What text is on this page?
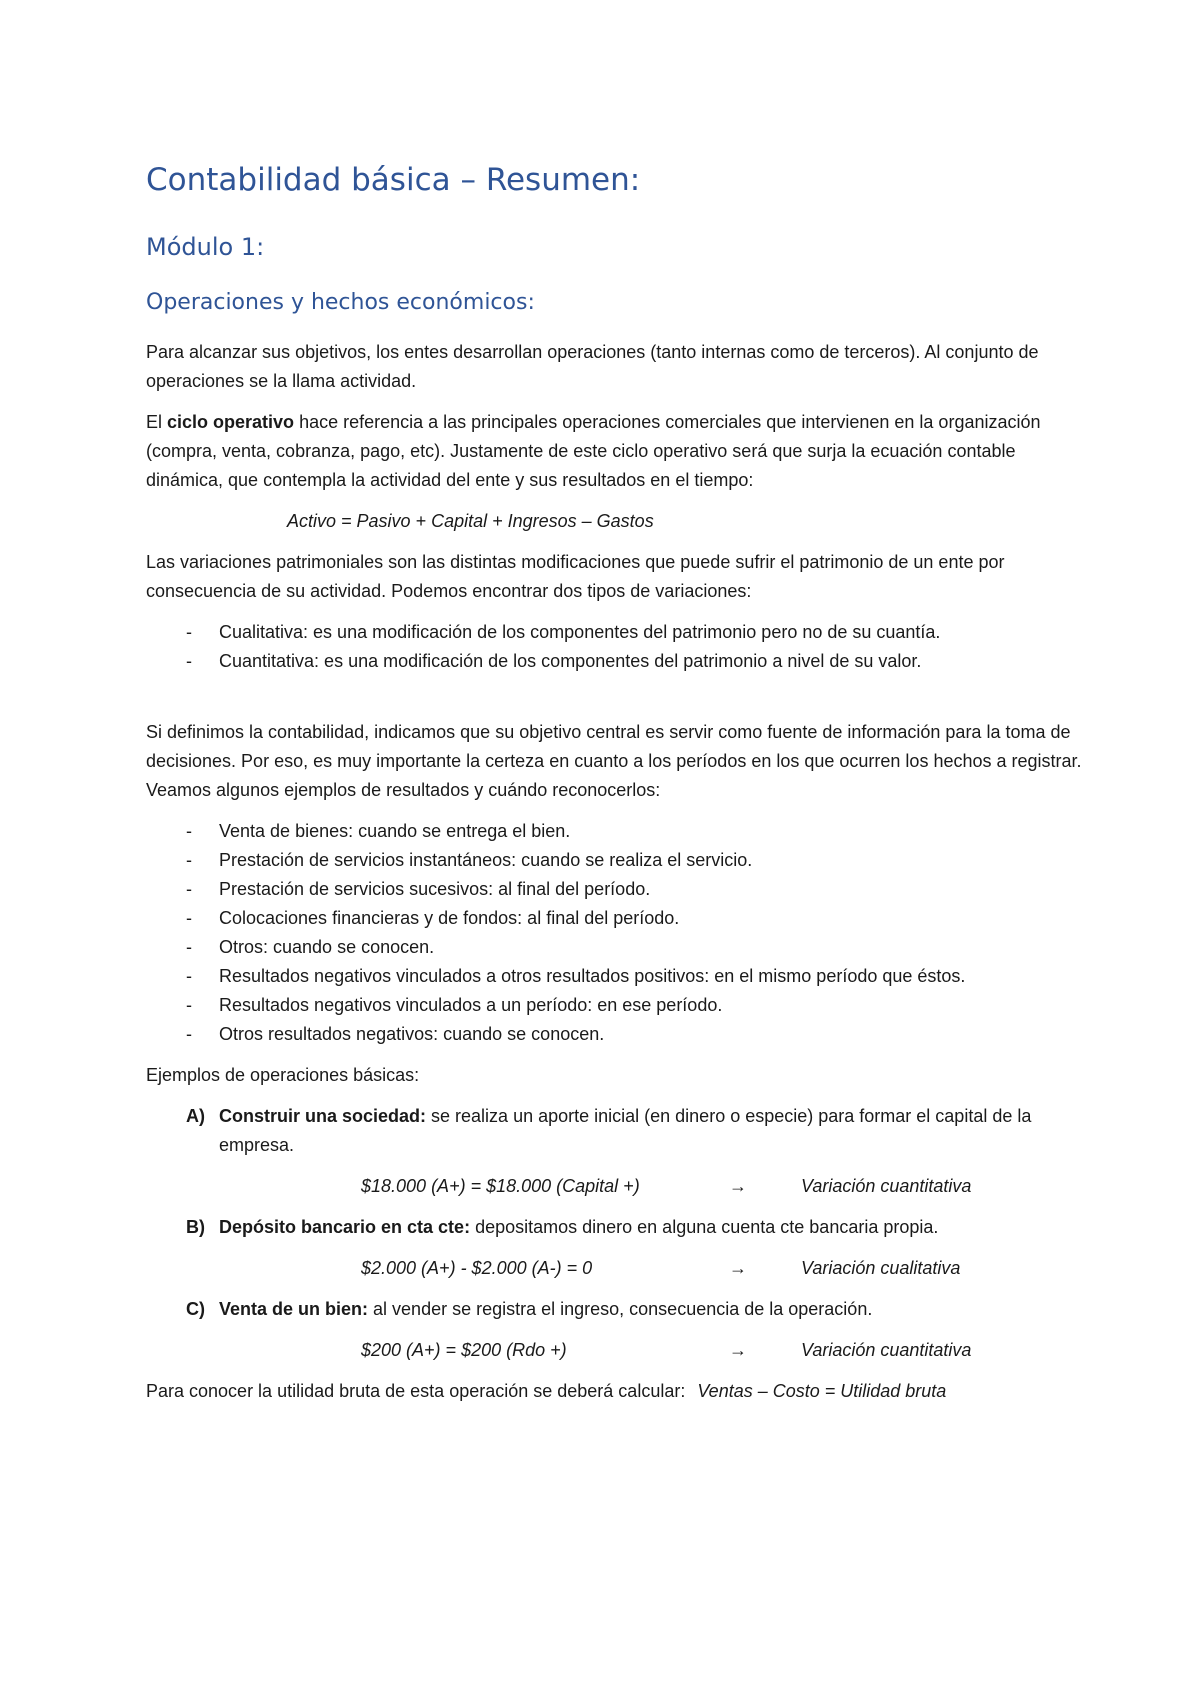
Contabilidad básica – Resumen:
Módulo 1:
Operaciones y hechos económicos:

Para alcanzar sus objetivos, los entes desarrollan operaciones (tanto internas como de terceros). Al conjunto de operaciones se la llama actividad.

El ciclo operativo hace referencia a las principales operaciones comerciales que intervienen en la organización (compra, venta, cobranza, pago, etc). Justamente de este ciclo operativo será que surja la ecuación contable dinámica, que contempla la actividad del ente y sus resultados en el tiempo:

Activo = Pasivo + Capital + Ingresos – Gastos

Las variaciones patrimoniales son las distintas modificaciones que puede sufrir el patrimonio de un ente por consecuencia de su actividad. Podemos encontrar dos tipos de variaciones:

- Cualitativa: es una modificación de los componentes del patrimonio pero no de su cuantía.
- Cuantitativa: es una modificación de los componentes del patrimonio a nivel de su valor.

Si definimos la contabilidad, indicamos que su objetivo central es servir como fuente de información para la toma de decisiones. Por eso, es muy importante la certeza en cuanto a los períodos en los que ocurren los hechos a registrar. Veamos algunos ejemplos de resultados y cuándo reconocerlos:

- Venta de bienes: cuando se entrega el bien.
- Prestación de servicios instantáneos: cuando se realiza el servicio.
- Prestación de servicios sucesivos: al final del período.
- Colocaciones financieras y de fondos: al final del período.
- Otros: cuando se conocen.
- Resultados negativos vinculados a otros resultados positivos: en el mismo período que éstos.
- Resultados negativos vinculados a un período: en ese período.
- Otros resultados negativos: cuando se conocen.

Ejemplos de operaciones básicas:

A) Construir una sociedad: se realiza un aporte inicial (en dinero o especie) para formar el capital de la empresa.
$18.000 (A+) = $18.000 (Capital +)	→	Variación cuantitativa
B) Depósito bancario en cta cte: depositamos dinero en alguna cuenta cte bancaria propia.
$2.000 (A+) - $2.000 (A-) = 0	→	Variación cualitativa
C) Venta de un bien: al vender se registra el ingreso, consecuencia de la operación.
$200 (A+) = $200 (Rdo +)	→	Variación cuantitativa

Para conocer la utilidad bruta de esta operación se deberá calcular: Ventas – Costo = Utilidad bruta
